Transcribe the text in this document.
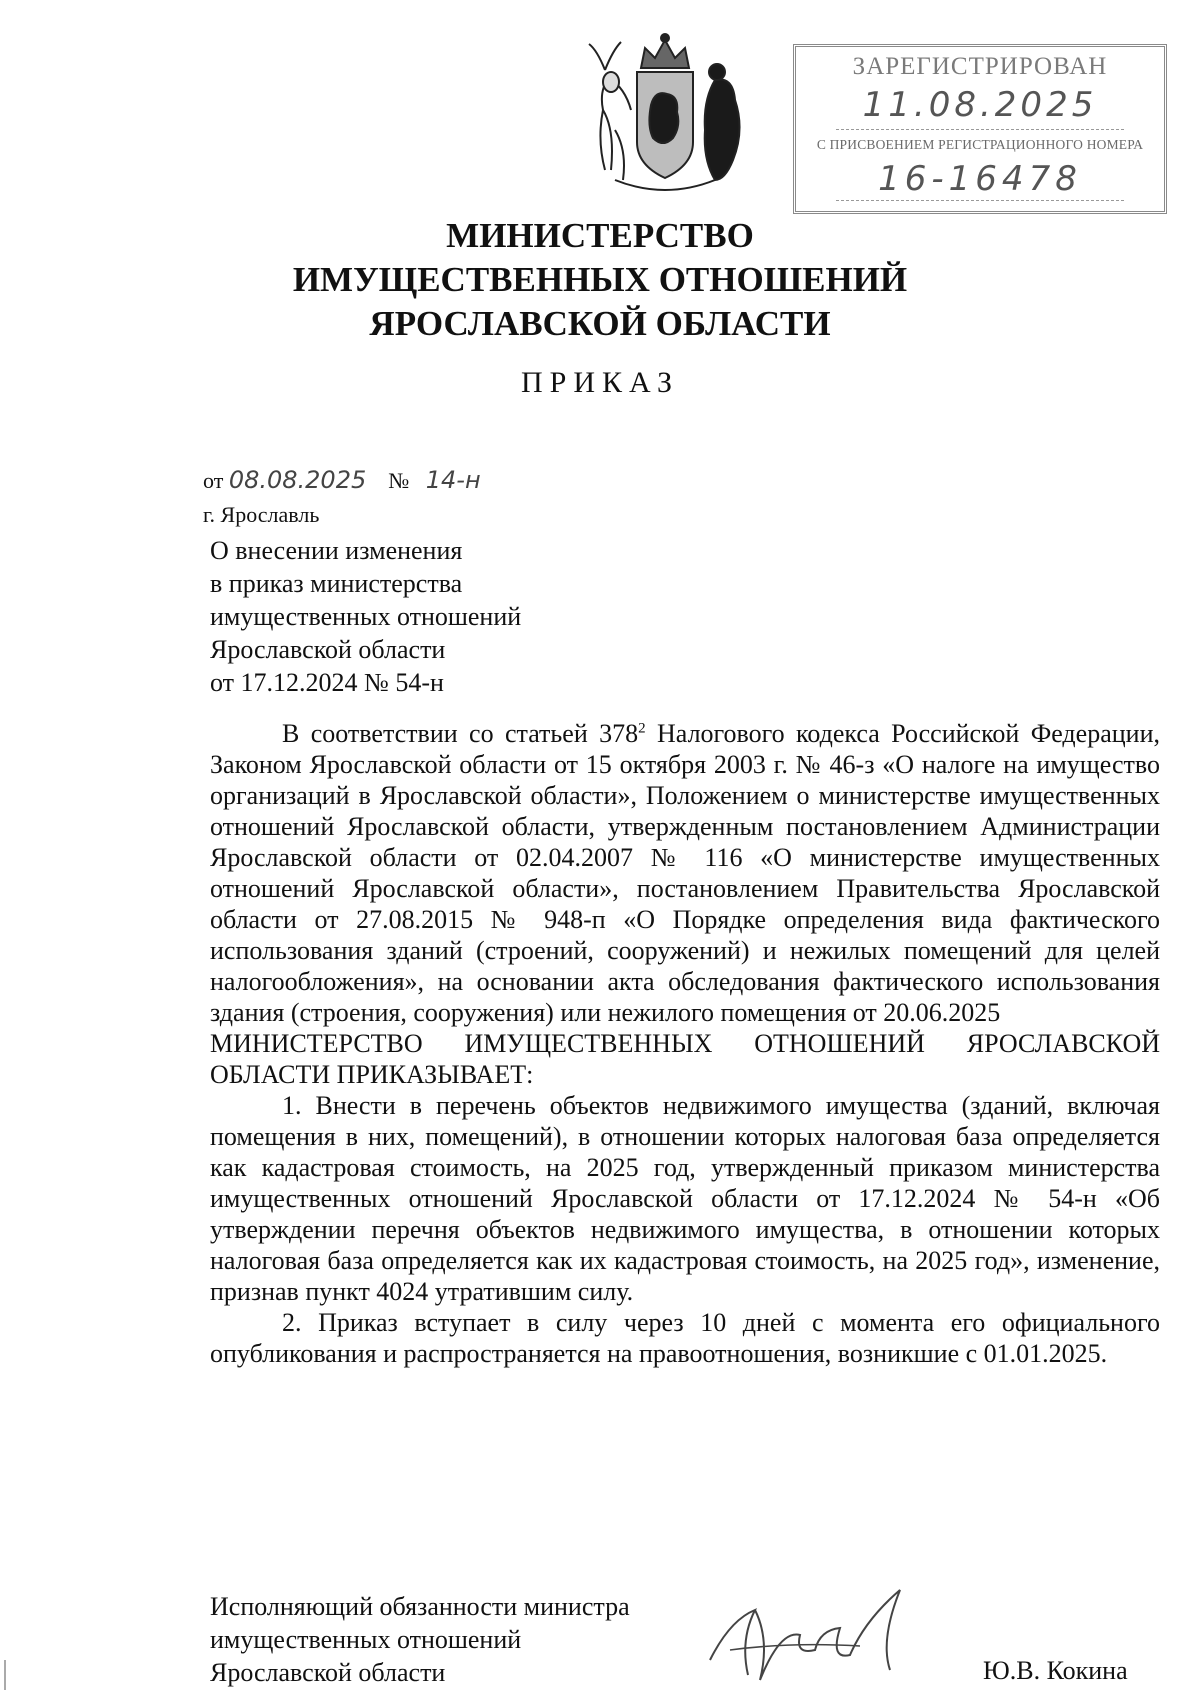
ЗАРЕГИСТРИРОВАН
11.08.2025
С ПРИСВОЕНИЕМ РЕГИСТРАЦИОННОГО НОМЕРА
16-16478
МИНИСТЕРСТВО
ИМУЩЕСТВЕННЫХ ОТНОШЕНИЙ
ЯРОСЛАВСКОЙ ОБЛАСТИ
ПРИКАЗ
от 08.08.2025 № 14-н
г. Ярославль
О внесении изменения
в приказ министерства
имущественных отношений
Ярославской области
от 17.12.2024 № 54-н

В соответствии со статьей $378^2$ Налогового кодекса Российской Федерации, Законом Ярославской области от 15 октября 2003 г. № 46-з «О налоге на имущество организаций в Ярославской области», Положением о министерстве имущественных отношений Ярославской области, утвержденным постановлением Администрации Ярославской области от 02.04.2007 № 116 «О министерстве имущественных отношений Ярославской области», постановлением Правительства Ярославской области от 27.08.2015 № 948-п «О Порядке определения вида фактического использования зданий (строений, сооружений) и нежилых помещений для целей налогообложения», на основании акта обследования фактического использования здания (строения, сооружения) или нежилого помещения от 20.06.2025

МИНИСТЕРСТВО ИМУЩЕСТВЕННЫХ ОТНОШЕНИЙ ЯРОСЛАВСКОЙ ОБЛАСТИ ПРИКАЗЫВАЕТ:

1. Внести в перечень объектов недвижимого имущества (зданий, включая помещения в них, помещений), в отношении которых налоговая база определяется как кадастровая стоимость, на 2025 год, утвержденный приказом министерства имущественных отношений Ярославской области от 17.12.2024 № 54-н «Об утверждении перечня объектов недвижимого имущества, в отношении которых налоговая база определяется как их кадастровая стоимость, на 2025 год», изменение, признав пункт 4024 утратившим силу.

2. Приказ вступает в силу через 10 дней с момента его официального опубликования и распространяется на правоотношения, возникшие с 01.01.2025.

Исполняющий обязанности министра
имущественных отношений
Ярославской области	Ю.В. Кокина
